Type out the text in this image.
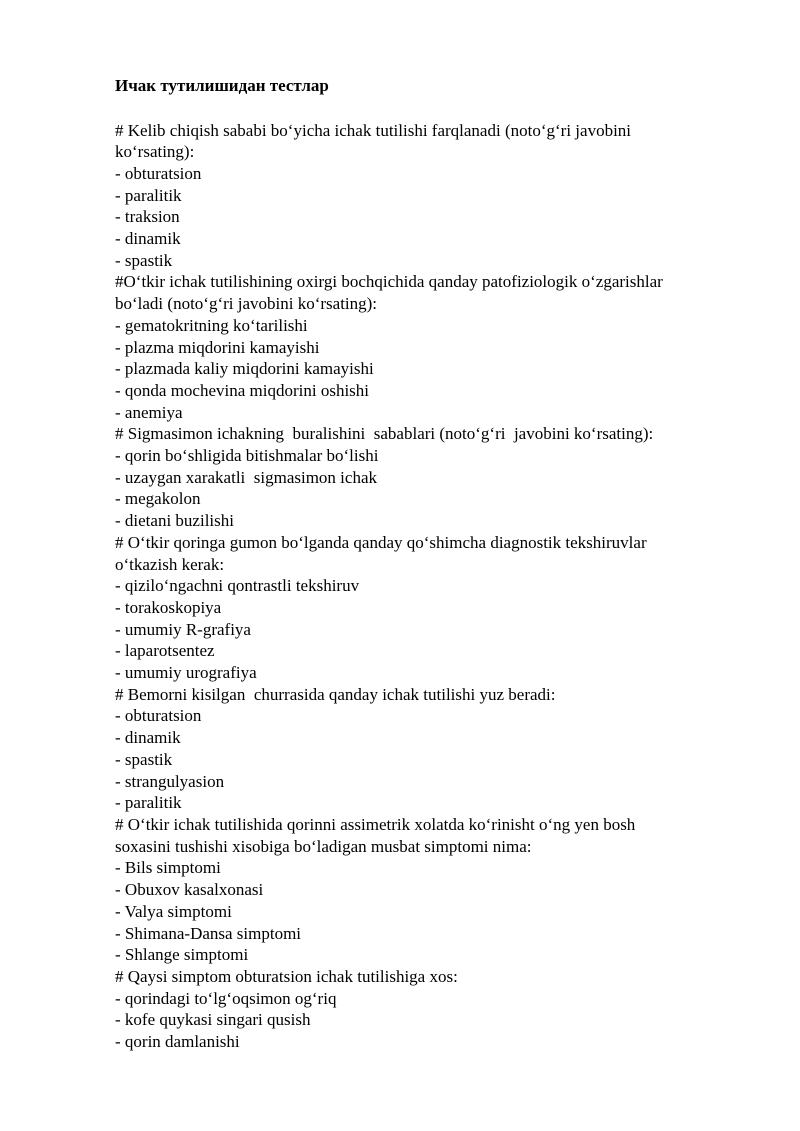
Ичак тутилишидан тестлар
# Kelib chiqish sababi bo‘yicha ichak tutilishi farqlanadi (noto‘g‘ri javobini
ko‘rsating):
- obturatsion
- paralitik
- traksion
- dinamik
- spastik
#O‘tkir ichak tutilishining oxirgi bochqichida qanday patofiziologik o‘zgarishlar
bo‘ladi (noto‘g‘ri javobini ko‘rsating):
- gematokritning ko‘tarilishi
- plazma miqdorini kamayishi
- plazmada kaliy miqdorini kamayishi
- qonda mochevina miqdorini oshishi
- anemiya
# Sigmasimon ichakning  buralishini  sabablari (noto‘g‘ri  javobini ko‘rsating):
- qorin bo‘shligida bitishmalar bo‘lishi
- uzaygan xarakatli  sigmasimon ichak
- megakolon
- dietani buzilishi
# O‘tkir qoringa gumon bo‘lganda qanday qo‘shimcha diagnostik tekshiruvlar
o‘tkazish kerak:
- qizilo‘ngachni qontrastli tekshiruv
- torakoskopiya
- umumiy R-grafiya
- laparotsentez
- umumiy urografiya
# Bemorni kisilgan  churrasida qanday ichak tutilishi yuz beradi:
- obturatsion
- dinamik
- spastik
- strangulyasion
- paralitik
# O‘tkir ichak tutilishida qorinni assimetrik xolatda ko‘rinisht o‘ng yen bosh
soxasini tushishi xisobiga bo‘ladigan musbat simptomi nima:
- Bils simptomi
- Obuxov kasalxonasi
- Valya simptomi
- Shimana-Dansa simptomi
- Shlange simptomi
# Qaysi simptom obturatsion ichak tutilishiga xos:
- qorindagi to‘lg‘oqsimon og‘riq
- kofe quykasi singari qusish
- qorin damlanishi
